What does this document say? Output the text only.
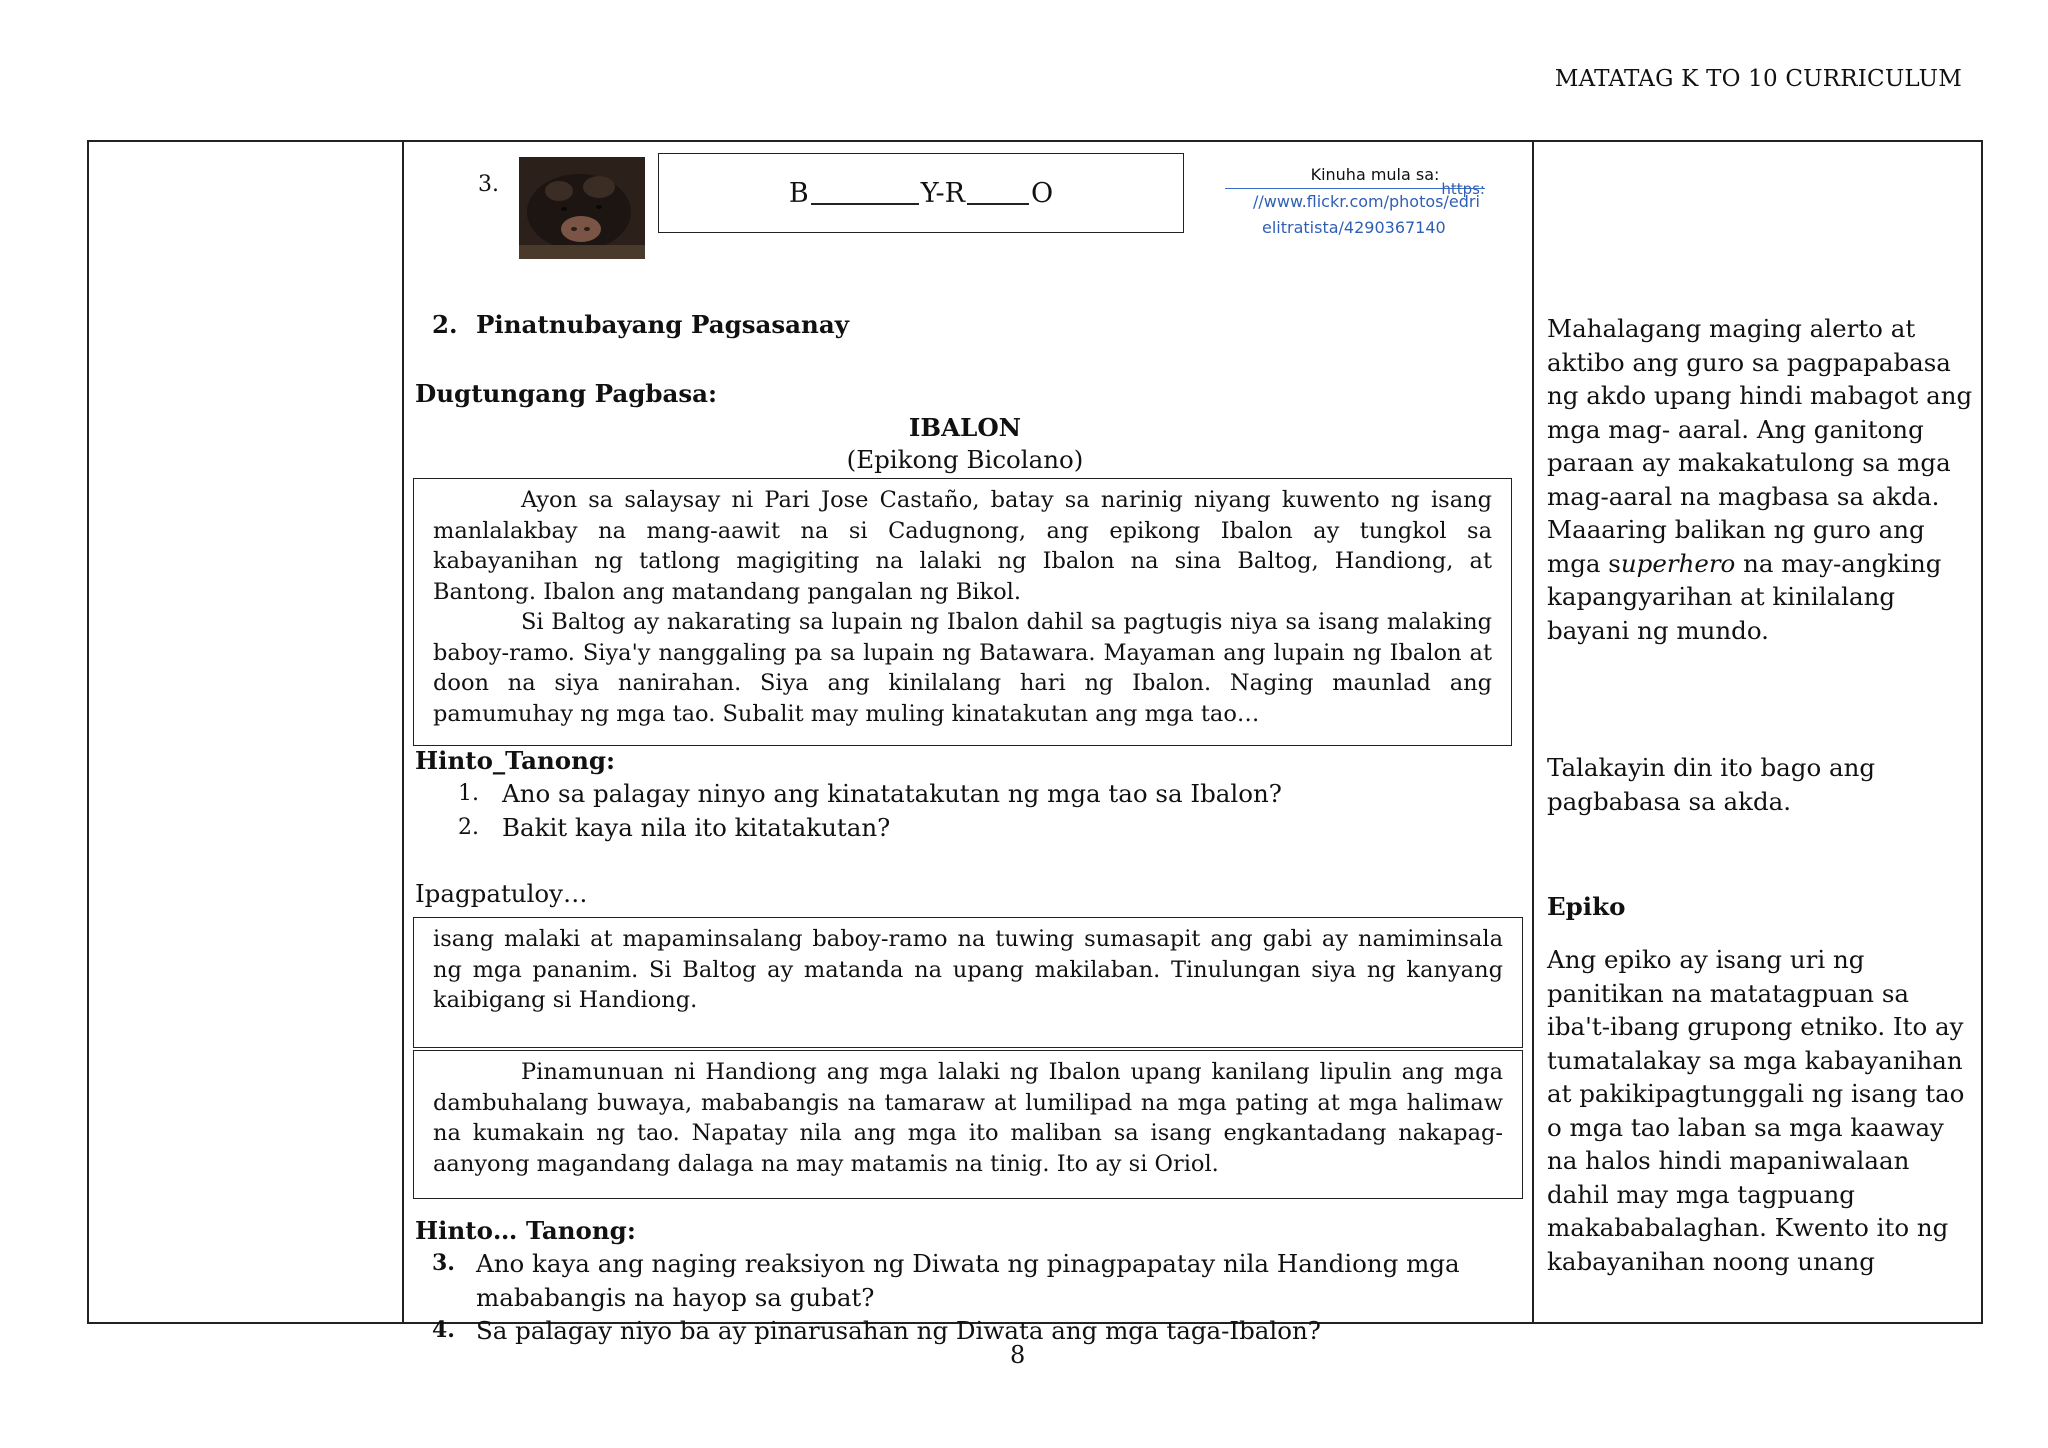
MATATAG K TO 10 CURRICULUM
3.	B	Y-R O
Kinuha mula sa:
https:
//www.flickr.com/photos/edri
elitratista/4290367140
2. Pinatnubayang Pagsasanay
Dugtungang Pagbasa:
IBALON
(Epikong Bicolano)

Ayon sa salaysay ni Pari Jose Castaño, batay sa narinig niyang kuwento ng isang manlalakbay na mang-aawit na si Cadugnong, ang epikong Ibalon ay tungkol sa kabayanihan ng tatlong magigiting na lalaki ng Ibalon na sina Baltog, Handiong, at Bantong. Ibalon ang matandang pangalan ng Bikol.

Si Baltog ay nakarating sa lupain ng Ibalon dahil sa pagtugis niya sa isang malaking baboy-ramo. Siya'y nanggaling pa sa lupain ng Batawara. Mayaman ang lupain ng Ibalon at doon na siya nanirahan. Siya ang kinilalang hari ng Ibalon. Naging maunlad ang pamumuhay ng mga tao. Subalit may muling kinatakutan ang mga tao…

Hinto_Tanong:
1. Ano sa palagay ninyo ang kinatatakutan ng mga tao sa Ibalon?
2. Bakit kaya nila ito kitatakutan?
Ipagpatuloy…

isang malaki at mapaminsalang baboy-ramo na tuwing sumasapit ang gabi ay namiminsala ng mga pananim. Si Baltog ay matanda na upang makilaban. Tinulungan siya ng kanyang kaibigang si Handiong.

Pinamunuan ni Handiong ang mga lalaki ng Ibalon upang kanilang lipulin ang mga dambuhalang buwaya, mababangis na tamaraw at lumilipad na mga pating at mga halimaw na kumakain ng tao. Napatay nila ang mga ito maliban sa isang engkantadang nakapag-aanyong magandang dalaga na may matamis na tinig. Ito ay si Oriol.

Hinto… Tanong:
3. Ano kaya ang naging reaksiyon ng Diwata ng pinagpapatay nila Handiong mga mababangis na hayop sa gubat?
4. Sa palagay niyo ba ay pinarusahan ng Diwata ang mga taga-Ibalon?

Mahalagang maging alerto at aktibo ang guro sa pagpapabasa ng akdo upang hindi mabagot ang mga mag- aaral. Ang ganitong paraan ay makakatulong sa mga mag-aaral na magbasa sa akda. Maaaring balikan ng guro ang mga superhero na may-angking kapangyarihan at kinilalang bayani ng mundo.

Talakayin din ito bago ang pagbabasa sa akda.
Epiko
Ang epiko ay isang uri ng panitikan na matatagpuan sa iba't-ibang grupong etniko. Ito ay tumatalakay sa mga kabayanihan at pakikipagtunggali ng isang tao o mga tao laban sa mga kaaway na halos hindi mapaniwalaan dahil may mga tagpuang makababalaghan. Kwento ito ng kabayanihan noong unang
8
